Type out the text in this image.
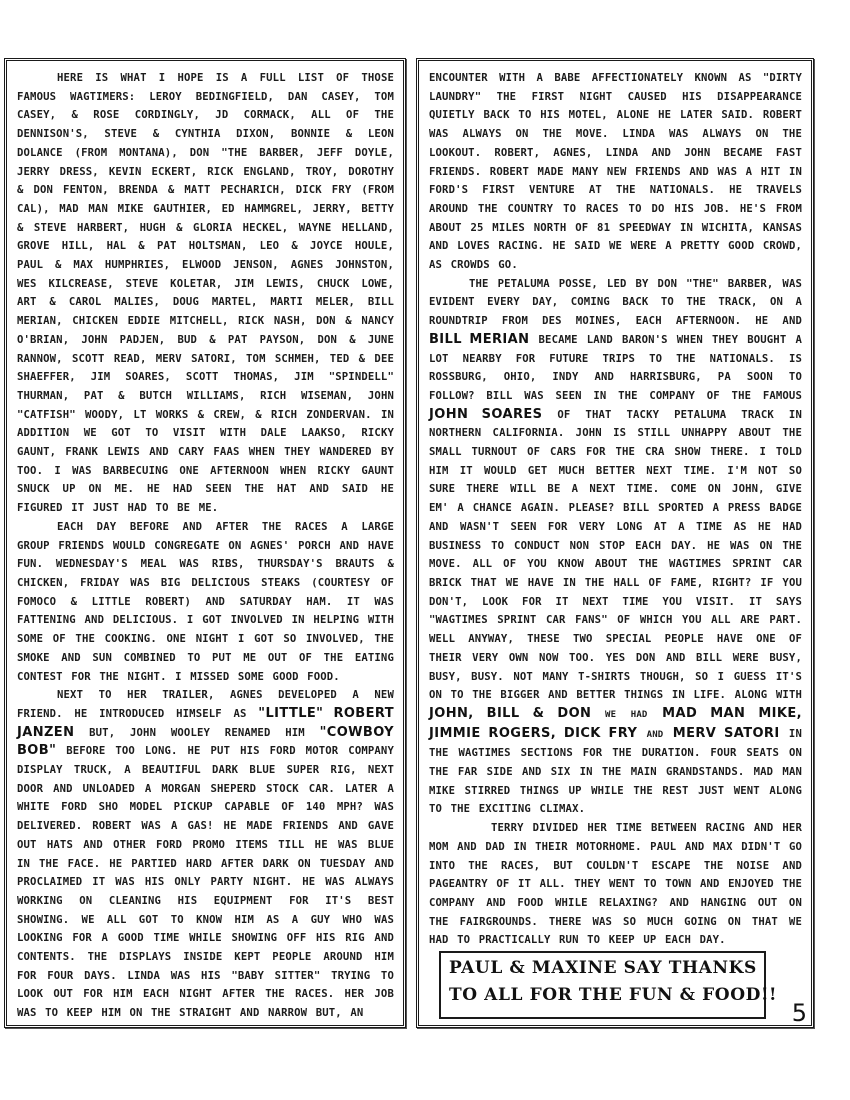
HERE IS WHAT I HOPE IS A FULL LIST OF THOSE FAMOUS WAGTIMERS: LEROY BEDINGFIELD, DAN CASEY, TOM CASEY, & ROSE CORDINGLY, JD CORMACK, ALL OF THE DENNISON'S, STEVE & CYNTHIA DIXON, BONNIE & LEON DOLANCE (FROM MONTANA), DON "THE BARBER, JEFF DOYLE, JERRY DRESS, KEVIN ECKERT, RICK ENGLAND, TROY, DOROTHY & DON FENTON, BRENDA & MATT PECHARICH, DICK FRY (FROM CAL), MAD MAN MIKE GAUTHIER, ED HAMMGREL, JERRY, BETTY & STEVE HARBERT, HUGH & GLORIA HECKEL, WAYNE HELLAND, GROVE HILL, HAL & PAT HOLTSMAN, LEO & JOYCE HOULE, PAUL & MAX HUMPHRIES, ELWOOD JENSON, AGNES JOHNSTON, WES KILCREASE, STEVE KOLETAR, JIM LEWIS, CHUCK LOWE, ART & CAROL MALIES, DOUG MARTEL, MARTI MELER, BILL MERIAN, CHICKEN EDDIE MITCHELL, RICK NASH, DON & NANCY O'BRIAN, JOHN PADJEN, BUD & PAT PAYSON, DON & JUNE RANNOW, SCOTT READ, MERV SATORI, TOM SCHMEH, TED & DEE SHAEFFER, JIM SOARES, SCOTT THOMAS, JIM "SPINDELL" THURMAN, PAT & BUTCH WILLIAMS, RICH WISEMAN, JOHN "CATFISH" WOODY, LT WORKS & CREW, & RICH ZONDERVAN. IN ADDITION WE GOT TO VISIT WITH DALE LAAKSO, RICKY GAUNT, FRANK LEWIS AND CARY FAAS WHEN THEY WANDERED BY TOO. I WAS BARBECUING ONE AFTERNOON WHEN RICKY GAUNT SNUCK UP ON ME. HE HAD SEEN THE HAT AND SAID HE FIGURED IT JUST HAD TO BE ME.

EACH DAY BEFORE AND AFTER THE RACES A LARGE GROUP FRIENDS WOULD CONGREGATE ON AGNES' PORCH AND HAVE FUN. WEDNESDAY'S MEAL WAS RIBS, THURSDAY'S BRAUTS & CHICKEN, FRIDAY WAS BIG DELICIOUS STEAKS (COURTESY OF FOMOCO & LITTLE ROBERT) AND SATURDAY HAM. IT WAS FATTENING AND DELICIOUS. I GOT INVOLVED IN HELPING WITH SOME OF THE COOKING. ONE NIGHT I GOT SO INVOLVED, THE SMOKE AND SUN COMBINED TO PUT ME OUT OF THE EATING CONTEST FOR THE NIGHT. I MISSED SOME GOOD FOOD.

NEXT TO HER TRAILER, AGNES DEVELOPED A NEW FRIEND. HE INTRODUCED HIMSELF AS "LITTLE" ROBERT JANZEN BUT, JOHN WOOLEY RENAMED HIM "COWBOY BOB" BEFORE TOO LONG. HE PUT HIS FORD MOTOR COMPANY DISPLAY TRUCK, A BEAUTIFUL DARK BLUE SUPER RIG, NEXT DOOR AND UNLOADED A MORGAN SHEPERD STOCK CAR. LATER A WHITE FORD SHO MODEL PICKUP CAPABLE OF 140 MPH? WAS DELIVERED. ROBERT WAS A GAS! HE MADE FRIENDS AND GAVE OUT HATS AND OTHER FORD PROMO ITEMS TILL HE WAS BLUE IN THE FACE. HE PARTIED HARD AFTER DARK ON TUESDAY AND PROCLAIMED IT WAS HIS ONLY PARTY NIGHT. HE WAS ALWAYS WORKING ON CLEANING HIS EQUIPMENT FOR IT'S BEST SHOWING. WE ALL GOT TO KNOW HIM AS A GUY WHO WAS LOOKING FOR A GOOD TIME WHILE SHOWING OFF HIS RIG AND CONTENTS. THE DISPLAYS INSIDE KEPT PEOPLE AROUND HIM FOR FOUR DAYS. LINDA WAS HIS "BABY SITTER" TRYING TO LOOK OUT FOR HIM EACH NIGHT AFTER THE RACES. HER JOB WAS TO KEEP HIM ON THE STRAIGHT AND NARROW BUT, AN

ENCOUNTER WITH A BABE AFFECTIONATELY KNOWN AS "DIRTY LAUNDRY" THE FIRST NIGHT CAUSED HIS DISAPPEARANCE QUIETLY BACK TO HIS MOTEL, ALONE HE LATER SAID. ROBERT WAS ALWAYS ON THE MOVE. LINDA WAS ALWAYS ON THE LOOKOUT. ROBERT, AGNES, LINDA AND JOHN BECAME FAST FRIENDS. ROBERT MADE MANY NEW FRIENDS AND WAS A HIT IN FORD'S FIRST VENTURE AT THE NATIONALS. HE TRAVELS AROUND THE COUNTRY TO RACES TO DO HIS JOB. HE'S FROM ABOUT 25 MILES NORTH OF 81 SPEEDWAY IN WICHITA, KANSAS AND LOVES RACING. HE SAID WE WERE A PRETTY GOOD CROWD, AS CROWDS GO.

THE PETALUMA POSSE, LED BY DON "THE" BARBER, WAS EVIDENT EVERY DAY, COMING BACK TO THE TRACK, ON A ROUNDTRIP FROM DES MOINES, EACH AFTERNOON. HE AND BILL MERIAN BECAME LAND BARON'S WHEN THEY BOUGHT A LOT NEARBY FOR FUTURE TRIPS TO THE NATIONALS. IS ROSSBURG, OHIO, INDY AND HARRISBURG, PA SOON TO FOLLOW? BILL WAS SEEN IN THE COMPANY OF THE FAMOUS JOHN SOARES OF THAT TACKY PETALUMA TRACK IN NORTHERN CALIFORNIA. JOHN IS STILL UNHAPPY ABOUT THE SMALL TURNOUT OF CARS FOR THE CRA SHOW THERE. I TOLD HIM IT WOULD GET MUCH BETTER NEXT TIME. I'M NOT SO SURE THERE WILL BE A NEXT TIME. COME ON JOHN, GIVE EM' A CHANCE AGAIN. PLEASE? BILL SPORTED A PRESS BADGE AND WASN'T SEEN FOR VERY LONG AT A TIME AS HE HAD BUSINESS TO CONDUCT NON STOP EACH DAY. HE WAS ON THE MOVE. ALL OF YOU KNOW ABOUT THE WAGTIMES SPRINT CAR BRICK THAT WE HAVE IN THE HALL OF FAME, RIGHT? IF YOU DON'T, LOOK FOR IT NEXT TIME YOU VISIT. IT SAYS "WAGTIMES SPRINT CAR FANS" OF WHICH YOU ALL ARE PART. WELL ANYWAY, THESE TWO SPECIAL PEOPLE HAVE ONE OF THEIR VERY OWN NOW TOO. YES DON AND BILL WERE BUSY, BUSY, BUSY. NOT MANY T-SHIRTS THOUGH, SO I GUESS IT'S ON TO THE BIGGER AND BETTER THINGS IN LIFE. ALONG WITH JOHN, BILL & DON WE HAD MAD MAN MIKE, JIMMIE ROGERS, DICK FRY AND MERV SATORI IN THE WAGTIMES SECTIONS FOR THE DURATION. FOUR SEATS ON THE FAR SIDE AND SIX IN THE MAIN GRANDSTANDS. MAD MAN MIKE STIRRED THINGS UP WHILE THE REST JUST WENT ALONG TO THE EXCITING CLIMAX.

TERRY DIVIDED HER TIME BETWEEN RACING AND HER MOM AND DAD IN THEIR MOTORHOME. PAUL AND MAX DIDN'T GO INTO THE RACES, BUT COULDN'T ESCAPE THE NOISE AND PAGEANTRY OF IT ALL. THEY WENT TO TOWN AND ENJOYED THE COMPANY AND FOOD WHILE RELAXING? AND HANGING OUT ON THE FAIRGROUNDS. THERE WAS SO MUCH GOING ON THAT WE HAD TO PRACTICALLY RUN TO KEEP UP EACH DAY.

PAUL & MAXINE SAY THANKS
TO ALL FOR THE FUN & FOOD!!
5
